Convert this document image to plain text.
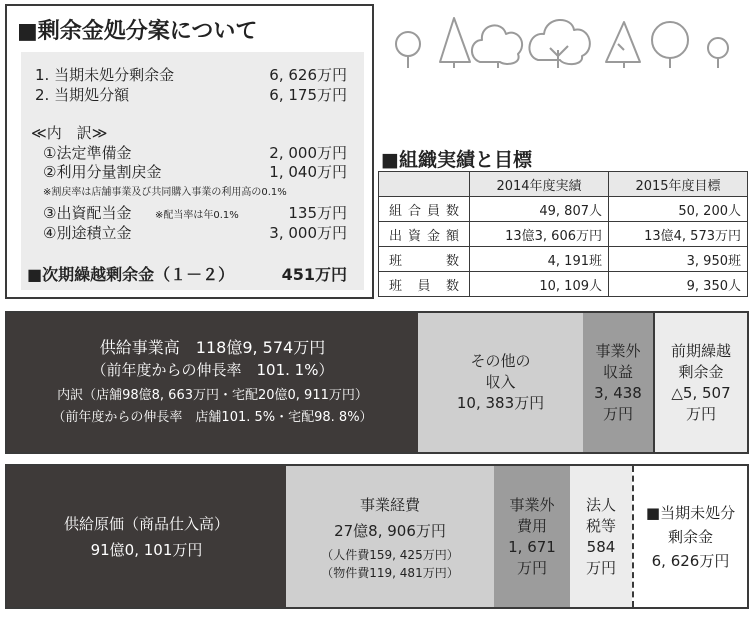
■剰余金処分案について
1. 当期未処分剰余金	6, 626万円
2. 当期処分額	6, 175万円
≪内　訳≫
①法定準備金	2, 000万円
②利用分量割戻金	1, 040万円
※割戻率は店舗事業及び共同購入事業の利用高の0.1%
③出資配当金 ※配当率は年0.1%	135万円
④別途積立金	3, 000万円
■次期繰越剰余金（１－２）	451万円
■組織実績と目標
	2014年度実績	2015年度目標
組合員数	49, 807人	50, 200人
出資金額	13億3, 606万円	13億4, 573万円
班　数	4, 191班	3, 950班
班員数	10, 109人	9, 350人
供給事業高　118億9, 574万円
（前年度からの伸長率　101. 1%）
内訳（店舗98億8, 663万円・宅配20億0, 911万円）
（前年度からの伸長率　店舗101. 5%・宅配98. 8%）
その他の
収入
10, 383万円
事業外
収益
3, 438
万円
前期繰越
剰余金
△5, 507
万円
供給原価（商品仕入高）
91億0, 101万円
事業経費
27億8, 906万円
（人件費159, 425万円）
（物件費119, 481万円）
事業外
費用
1, 671
万円
法人
税等
584
万円
■当期未処分
剰余金
6, 626万円
